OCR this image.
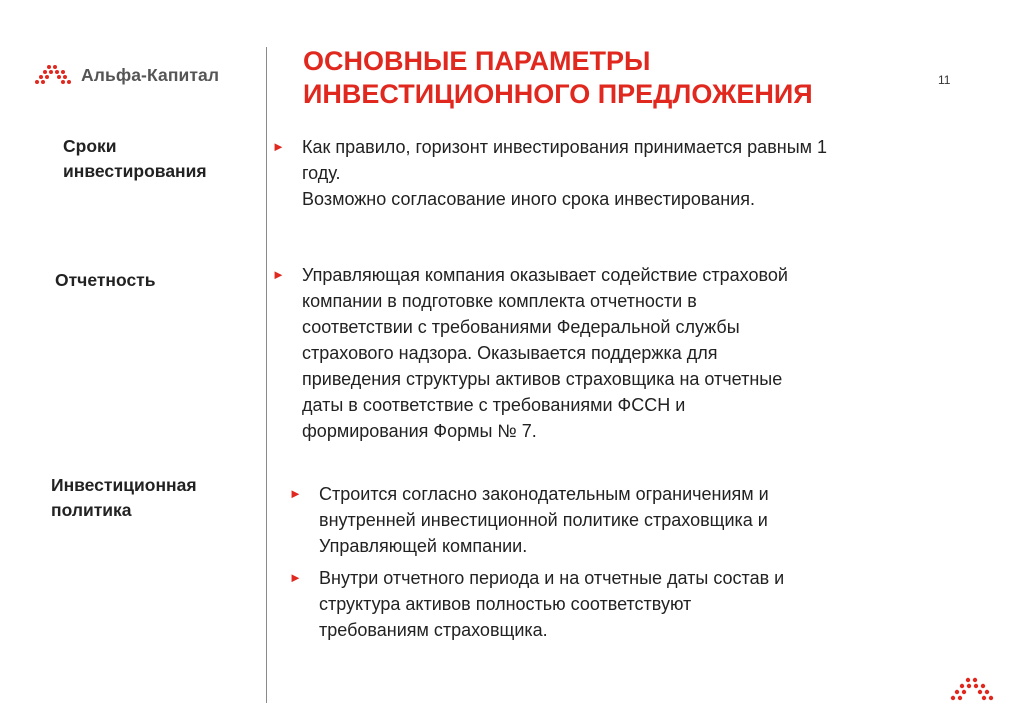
Альфа-Капитал	ОСНОВНЫЕ ПАРАМЕТРЫ
ИНВЕСТИЦИОННОГО ПРЕДЛОЖЕНИЯ	11
Сроки
инвестирования
► Как правило, горизонт инвестирования принимается равным 1
году.
Возможно согласование иного срока инвестирования.
Отчетность	► Управляющая компания оказывает содействие страховой
компании в подготовке комплекта отчетности в
соответствии с требованиями Федеральной службы
страхового надзора. Оказывается поддержка для
приведения структуры активов страховщика на отчетные
даты в соответствие с требованиями ФССН и
формирования Формы № 7.
Инвестиционная
политика
► Строится согласно законодательным ограничениям и
внутренней инвестиционной политике страховщика и
Управляющей компании.
► Внутри отчетного периода и на отчетные даты состав и
структура активов полностью соответствуют
требованиям страховщика.
